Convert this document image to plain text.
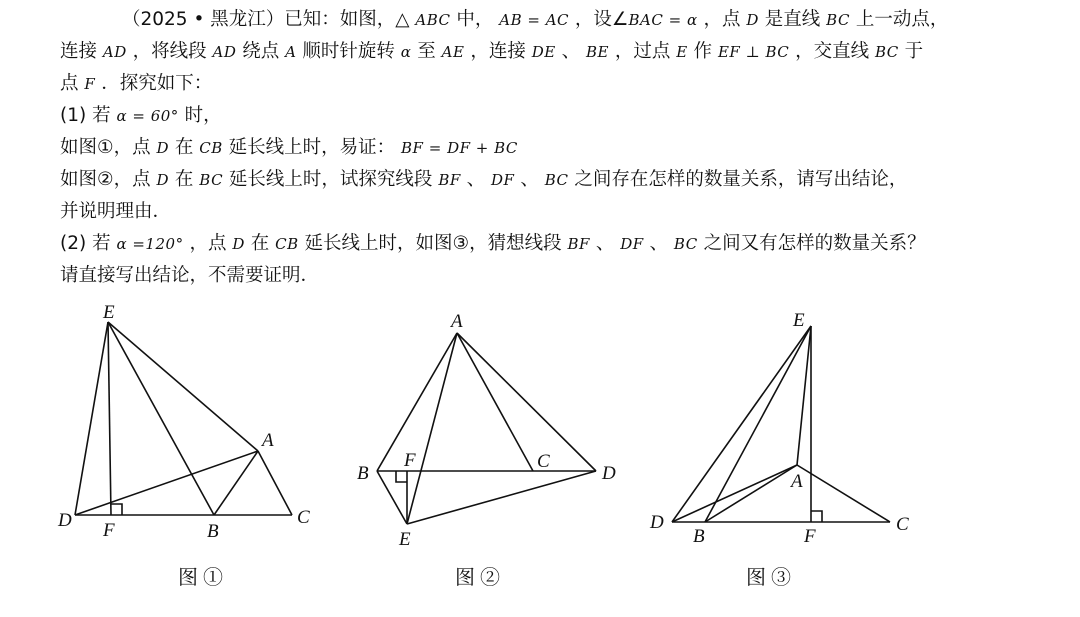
（2025 • 黑龙江）已知：如图，△ ABC 中， AB = AC ，设∠BAC = α ，点 D 是直线 BC 上一动点，
连接 AD ，将线段 AD 绕点 A 顺时针旋转 α 至 AE ，连接 DE 、 BE ，过点 E 作 EF ⊥ BC ，交直线 BC 于
点 F ．探究如下：
(1) 若 α = 60° 时，
如图①，点 D 在 CB 延长线上时，易证： BF = DF + BC
如图②，点 D 在 BC 延长线上时，试探究线段 BF 、 DF 、 BC 之间存在怎样的数量关系，请写出结论，
并说明理由．
(2) 若 α =120° ，点 D 在 CB 延长线上时，如图③，猜想线段 BF 、 DF 、 BC 之间又有怎样的数量关系？
请直接写出结论，不需要证明．
E
A
D F	B
C
图 ①
A
B
F	C
D
E
图 ②
E
A
D
B	F
C
图 ③
